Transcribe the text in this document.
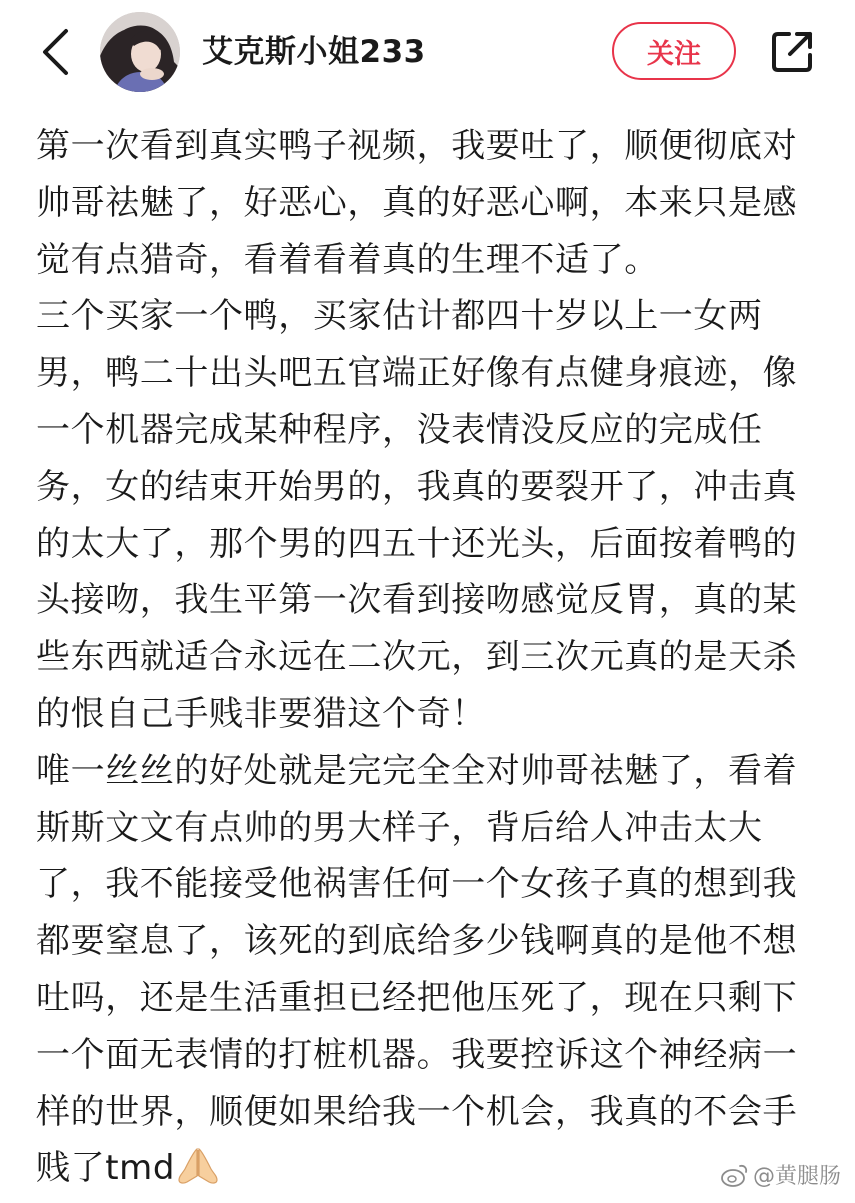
艾克斯小姐233	关注

第一次看到真实鸭子视频，我要吐了，顺便彻底对帅哥祛魅了，好恶心，真的好恶心啊，本来只是感觉有点猎奇，看着看着真的生理不适了。

三个买家一个鸭，买家估计都四十岁以上一女两男，鸭二十出头吧五官端正好像有点健身痕迹，像一个机器完成某种程序，没表情没反应的完成任务，女的结束开始男的，我真的要裂开了，冲击真的太大了，那个男的四五十还光头，后面按着鸭的头接吻，我生平第一次看到接吻感觉反胃，真的某些东西就适合永远在二次元，到三次元真的是天杀的恨自己手贱非要猎这个奇！

唯一丝丝的好处就是完完全全对帅哥祛魅了，看着斯斯文文有点帅的男大样子，背后给人冲击太大了，我不能接受他祸害任何一个女孩子真的想到我都要窒息了，该死的到底给多少钱啊真的是他不想吐吗，还是生活重担已经把他压死了，现在只剩下一个面无表情的打桩机器。我要控诉这个神经病一样的世界，顺便如果给我一个机会，我真的不会手贱了tmd	@黄腿肠
